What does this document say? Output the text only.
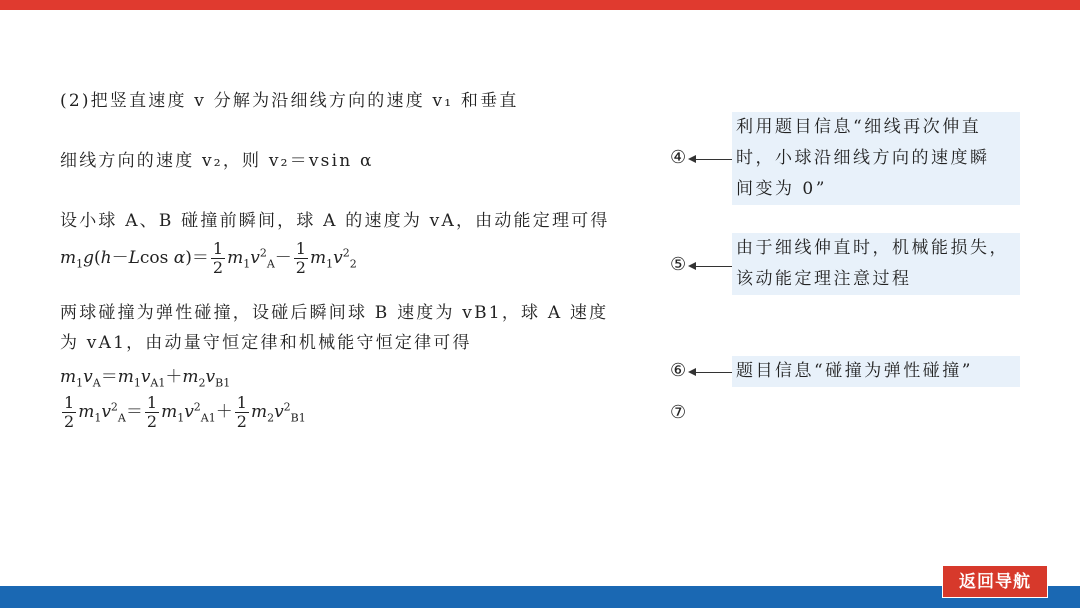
(2)把竖直速度 v 分解为沿细线方向的速度 v₁ 和垂直
细线方向的速度 v₂，则 v₂＝vsin α
设小球 A、B 碰撞前瞬间，球 A 的速度为 vA，由动能定理可得
$m_1g(h-Lcos$ $\alpha)= \frac{1}{2} m_1v^2_A- \frac{1}{2} m_1v^2_2$
两球碰撞为弹性碰撞，设碰后瞬间球 B 速度为 vB1，球 A 速度
为 vA1，由动量守恒定律和机械能守恒定律可得
$m_1v_A=m_1v_{A1}+m_2v_{B1}$
$\frac{1}{2} m_1v^2_A= \frac{1}{2} m_1v^2_{A1}+ \frac{1}{2} m_2v^2_{B1}$
④
利用题目信息“细线再次伸直
时，小球沿细线方向的速度瞬
间变为 0”
⑤
由于细线伸直时，机械能损失，
该动能定理注意过程
⑥	题目信息“碰撞为弹性碰撞”
⑦
返回导航
